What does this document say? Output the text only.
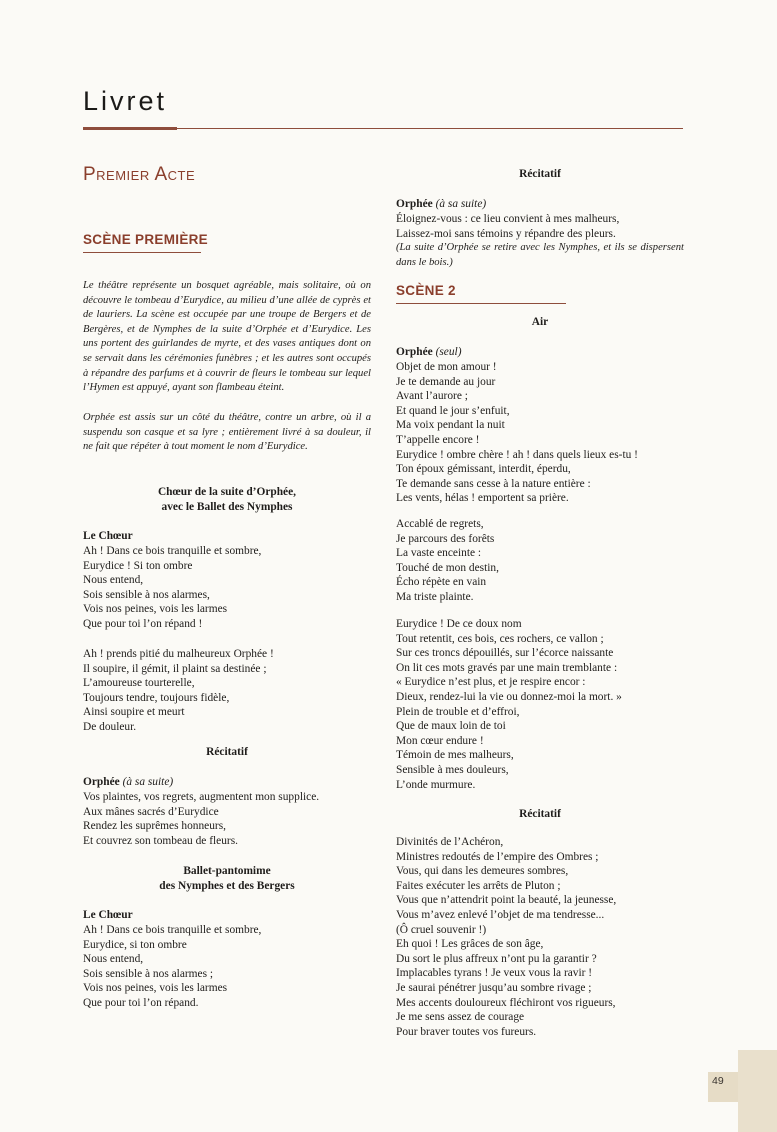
Livret
Premier Acte
SCÈNE PREMIÈRE
Le théâtre représente un bosquet agréable, mais solitaire, où on découvre le tombeau d’Eurydice, au milieu d’une allée de cyprès et de lauriers. La scène est occupée par une troupe de Bergers et de Bergères, et de Nymphes de la suite d’Orphée et d’Eurydice. Les uns portent des guirlandes de myrte, et des vases antiques dont on se servait dans les cérémonies funèbres ; et les autres sont occupés à répandre des parfums et à couvrir de fleurs le tombeau sur lequel l’Hymen est appuyé, ayant son flambeau éteint.
Orphée est assis sur un côté du théâtre, contre un arbre, où il a suspendu son casque et sa lyre ; entièrement livré à sa douleur, il ne fait que répéter à tout moment le nom d’Eurydice.
Chœur de la suite d’Orphée,
avec le Ballet des Nymphes
Le Chœur
Ah ! Dans ce bois tranquille et sombre,
Eurydice ! Si ton ombre
Nous entend,
Sois sensible à nos alarmes,
Vois nos peines, vois les larmes
Que pour toi l’on répand !
Ah ! prends pitié du malheureux Orphée !
Il soupire, il gémit, il plaint sa destinée ;
L’amoureuse tourterelle,
Toujours tendre, toujours fidèle,
Ainsi soupire et meurt
De douleur.
Récitatif
Orphée (à sa suite)
Vos plaintes, vos regrets, augmentent mon supplice.
Aux mânes sacrés d’Eurydice
Rendez les suprêmes honneurs,
Et couvrez son tombeau de fleurs.
Ballet-pantomime
des Nymphes et des Bergers
Le Chœur
Ah ! Dans ce bois tranquille et sombre,
Eurydice, si ton ombre
Nous entend,
Sois sensible à nos alarmes ;
Vois nos peines, vois les larmes
Que pour toi l’on répand.
Récitatif
Orphée (à sa suite)
Éloignez-vous : ce lieu convient à mes malheurs,
Laissez-moi sans témoins y répandre des pleurs.
(La suite d’Orphée se retire avec les Nymphes, et ils se dispersent dans le bois.)
SCÈNE 2
Air
Orphée (seul)
Objet de mon amour !
Je te demande au jour
Avant l’aurore ;
Et quand le jour s’enfuit,
Ma voix pendant la nuit
T’appelle encore !
Eurydice ! ombre chère ! ah ! dans quels lieux es-tu !
Ton époux gémissant, interdit, éperdu,
Te demande sans cesse à la nature entière :
Les vents, hélas ! emportent sa prière.
Accablé de regrets,
Je parcours des forêts
La vaste enceinte :
Touché de mon destin,
Écho répète en vain
Ma triste plainte.
Eurydice ! De ce doux nom
Tout retentit, ces bois, ces rochers, ce vallon ;
Sur ces troncs dépouillés, sur l’écorce naissante
On lit ces mots gravés par une main tremblante :
« Eurydice n’est plus, et je respire encor :
Dieux, rendez-lui la vie ou donnez-moi la mort. »
Plein de trouble et d’effroi,
Que de maux loin de toi
Mon cœur endure !
Témoin de mes malheurs,
Sensible à mes douleurs,
L’onde murmure.
Récitatif
Divinités de l’Achéron,
Ministres redoutés de l’empire des Ombres ;
Vous, qui dans les demeures sombres,
Faites exécuter les arrêts de Pluton ;
Vous que n’attendrit point la beauté, la jeunesse,
Vous m’avez enlevé l’objet de ma tendresse...
(Ô cruel souvenir !)
Eh quoi ! Les grâces de son âge,
Du sort le plus affreux n’ont pu la garantir ?
Implacables tyrans ! Je veux vous la ravir !
Je saurai pénétrer jusqu’au sombre rivage ;
Mes accents douloureux fléchiront vos rigueurs,
Je me sens assez de courage
Pour braver toutes vos fureurs.
49
